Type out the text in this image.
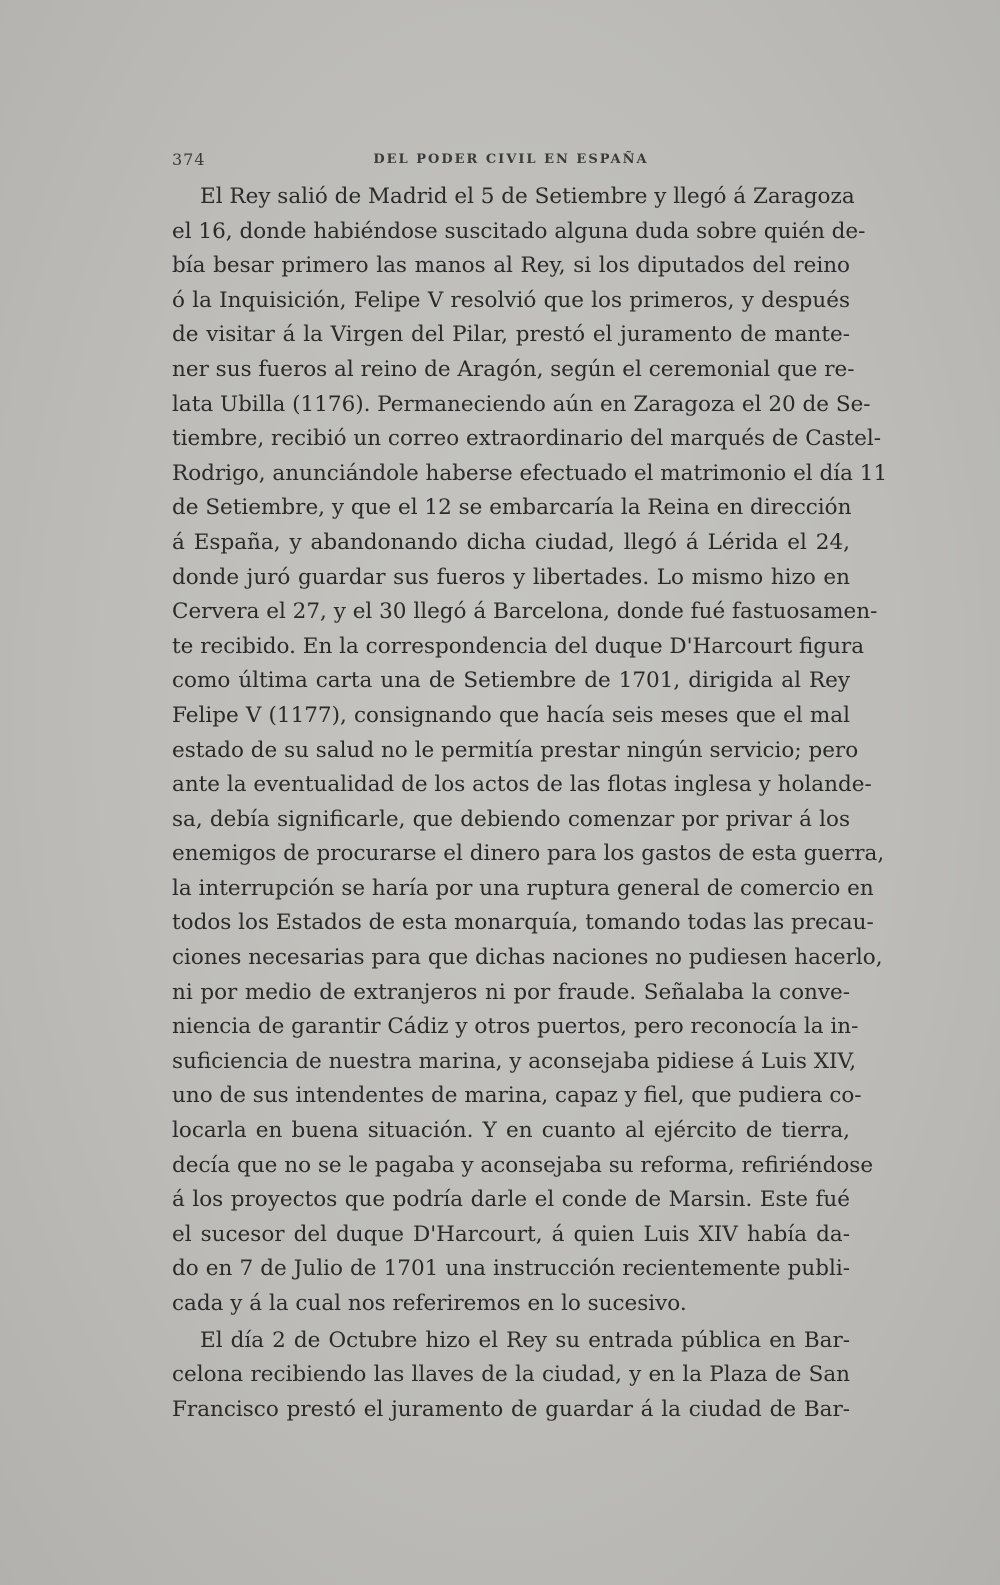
374	DEL PODER CIVIL EN ESPAÑA
El Rey salió de Madrid el 5 de Setiembre y llegó á Zaragoza
el 16, donde habiéndose suscitado alguna duda sobre quién de-
bía besar primero las manos al Rey, si los diputados del reino
ó la Inquisición, Felipe V resolvió que los primeros, y después
de visitar á la Virgen del Pilar, prestó el juramento de mante-
ner sus fueros al reino de Aragón, según el ceremonial que re-
lata Ubilla (1176). Permaneciendo aún en Zaragoza el 20 de Se-
tiembre, recibió un correo extraordinario del marqués de Castel-
Rodrigo, anunciándole haberse efectuado el matrimonio el día 11
de Setiembre, y que el 12 se embarcaría la Reina en dirección
á España, y abandonando dicha ciudad, llegó á Lérida el 24,
donde juró guardar sus fueros y libertades. Lo mismo hizo en
Cervera el 27, y el 30 llegó á Barcelona, donde fué fastuosamen-
te recibido. En la correspondencia del duque D'Harcourt figura
como última carta una de Setiembre de 1701, dirigida al Rey
Felipe V (1177), consignando que hacía seis meses que el mal
estado de su salud no le permitía prestar ningún servicio; pero
ante la eventualidad de los actos de las flotas inglesa y holande-
sa, debía significarle, que debiendo comenzar por privar á los
enemigos de procurarse el dinero para los gastos de esta guerra,
la interrupción se haría por una ruptura general de comercio en
todos los Estados de esta monarquía, tomando todas las precau-
ciones necesarias para que dichas naciones no pudiesen hacerlo,
ni por medio de extranjeros ni por fraude. Señalaba la conve-
niencia de garantir Cádiz y otros puertos, pero reconocía la in-
suficiencia de nuestra marina, y aconsejaba pidiese á Luis XIV,
uno de sus intendentes de marina, capaz y fiel, que pudiera co-
locarla en buena situación. Y en cuanto al ejército de tierra,
decía que no se le pagaba y aconsejaba su reforma, refiriéndose
á los proyectos que podría darle el conde de Marsin. Este fué
el sucesor del duque D'Harcourt, á quien Luis XIV había da-
do en 7 de Julio de 1701 una instrucción recientemente publi-
cada y á la cual nos referiremos en lo sucesivo.
El día 2 de Octubre hizo el Rey su entrada pública en Bar-
celona recibiendo las llaves de la ciudad, y en la Plaza de San
Francisco prestó el juramento de guardar á la ciudad de Bar-
